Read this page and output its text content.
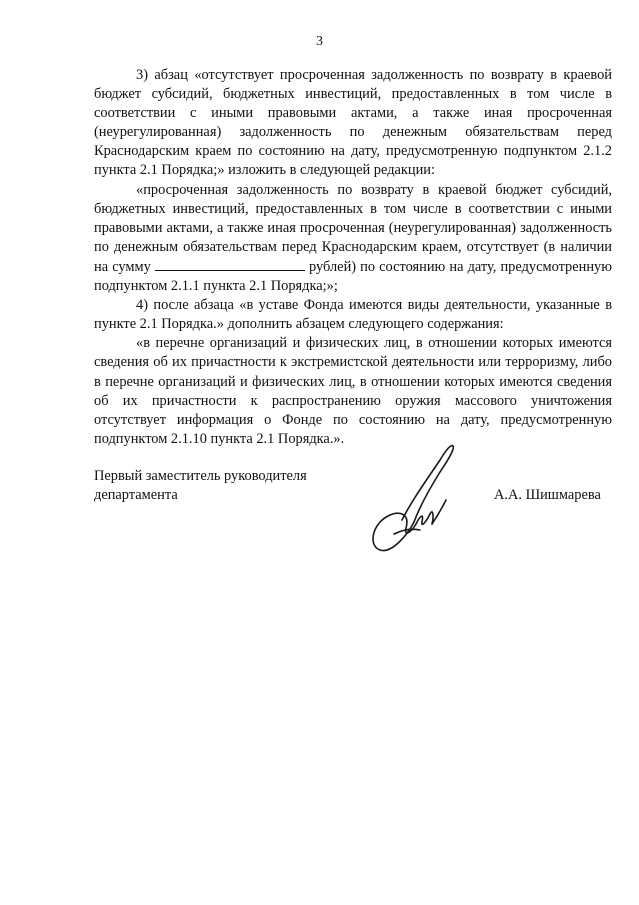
3

3) абзац «отсутствует просроченная задолженность по возврату в краевой бюджет субсидий, бюджетных инвестиций, предоставленных в том числе в соответствии с иными правовыми актами, а также иная просроченная (неурегулированная) задолженность по денежным обязательствам перед Краснодарским краем по состоянию на дату, предусмотренную подпунктом 2.1.2 пункта 2.1 Порядка;» изложить в следующей редакции:

«просроченная задолженность по возврату в краевой бюджет субсидий, бюджетных инвестиций, предоставленных в том числе в соответствии с иными правовыми актами, а также иная просроченная (неурегулированная) задолженность по денежным обязательствам перед Краснодарским краем, отсутствует (в наличии на сумму	рублей) по состоянию на дату, предусмотренную подпунктом 2.1.1 пункта 2.1 Порядка;»;

4) после абзаца «в уставе Фонда имеются виды деятельности, указанные в пункте 2.1 Порядка.» дополнить абзацем следующего содержания:

«в перечне организаций и физических лиц, в отношении которых имеются сведения об их причастности к экстремистской деятельности или терроризму, либо в перечне организаций и физических лиц, в отношении которых имеются сведения об их причастности к распространению оружия массового уничтожения отсутствует информация о Фонде по состоянию на дату, предусмотренную подпунктом 2.1.10 пункта 2.1 Порядка.».

Первый заместитель руководителя
департамента	А.А. Шишмарева
